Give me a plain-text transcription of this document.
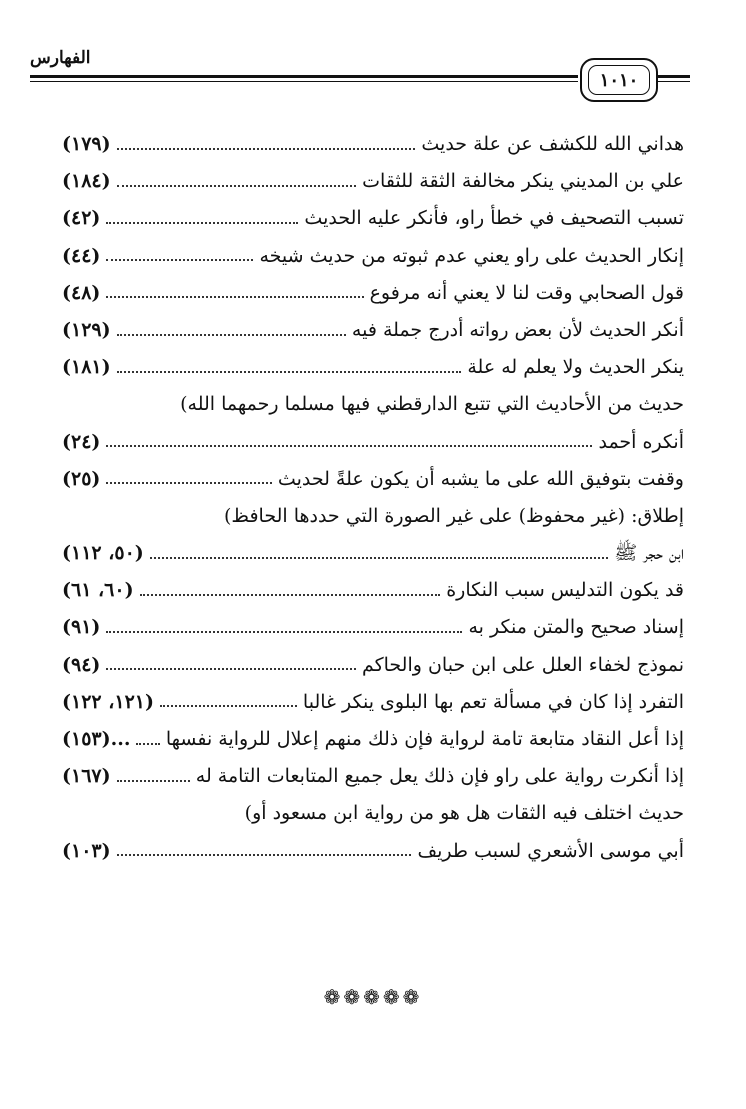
الفهارس
١٠١٠
هداني الله للكشف عن علة حديث
(١٧٩)
علي بن المديني ينكر مخالفة الثقة للثقات
(١٨٤)
تسبب التصحيف في خطأ راو، فأنكر عليه الحديث
(٤٢)
إنكار الحديث على راو يعني عدم ثبوته من حديث شيخه
(٤٤)
قول الصحابي وقت لنا لا يعني أنه مرفوع
(٤٨)
أنكر الحديث لأن بعض رواته أدرج جملة فيه
(١٢٩)
ينكر الحديث ولا يعلم له علة
(١٨١)
حديث من الأحاديث التي تتبع الدارقطني فيها مسلما رحمهما الله)
أنكره أحمد
(٢٤)
وقفت بتوفيق الله على ما يشبه أن يكون علةً لحديث
(٢٥)
إطلاق: (غير محفوظ) على غير الصورة التي حددها الحافظ)
ابن حجر ﷺ
(٥٠، ١١٢)
قد يكون التدليس سبب النكارة
(٦٠، ٦١)
إسناد صحيح والمتن منكر به
(٩١)
نموذج لخفاء العلل على ابن حبان والحاكم
(٩٤)
التفرد إذا كان في مسألة تعم بها البلوى ينكر غالبا
(١٢١، ١٢٢)
إذا أعل النقاد متابعة تامة لرواية فإن ذلك منهم إعلال للرواية نفسها
...(١٥٣)
إذا أنكرت رواية على راو فإن ذلك يعل جميع المتابعات التامة له
(١٦٧)
حديث اختلف فيه الثقات هل هو من رواية ابن مسعود أو)
أبي موسى الأشعري لسبب طريف
(١٠٣)
❁❁❁❁❁
